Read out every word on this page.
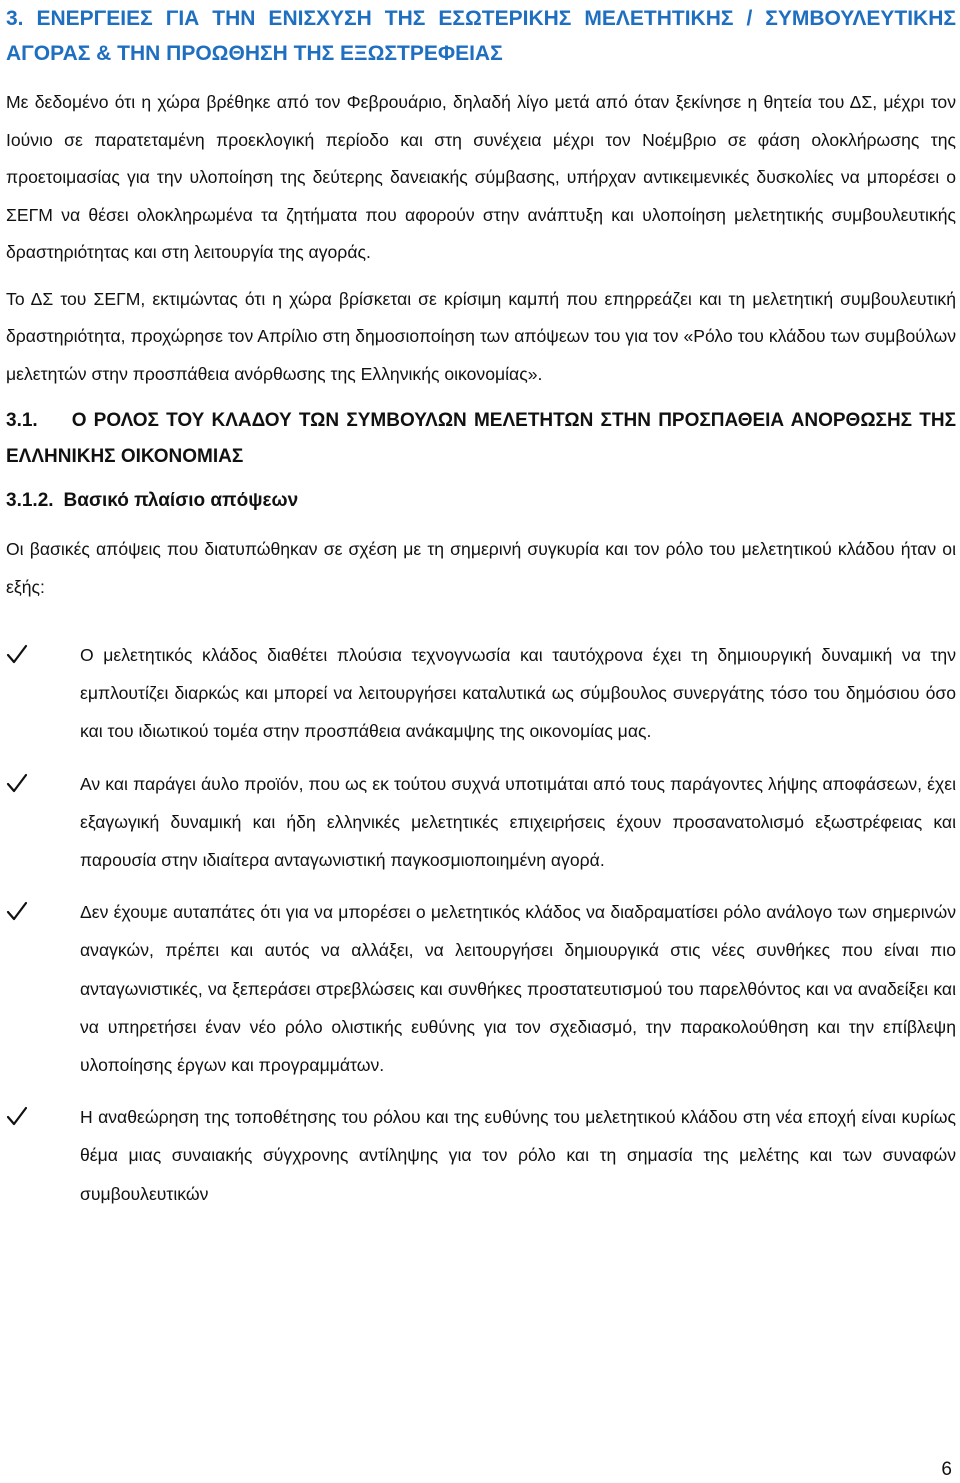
3. ΕΝΕΡΓΕΙΕΣ ΓΙΑ ΤΗΝ ΕΝΙΣΧΥΣΗ ΤΗΣ ΕΣΩΤΕΡΙΚΗΣ ΜΕΛΕΤΗΤΙΚΗΣ / ΣΥΜΒΟΥΛΕΥΤΙΚΗΣ ΑΓΟΡΑΣ & ΤΗΝ ΠΡΟΩΘΗΣΗ ΤΗΣ ΕΞΩΣΤΡΕΦΕΙΑΣ

Με δεδομένο ότι η χώρα βρέθηκε από τον Φεβρουάριο, δηλαδή λίγο μετά από όταν ξεκίνησε η θητεία του ΔΣ, μέχρι τον Ιούνιο σε παρατεταμένη προεκλογική περίοδο και στη συνέχεια μέχρι τον Νοέμβριο σε φάση ολοκλήρωσης της προετοιμασίας για την υλοποίηση της δεύτερης δανειακής σύμβασης, υπήρχαν αντικειμενικές δυσκολίες να μπορέσει ο ΣΕΓΜ να θέσει ολοκληρωμένα τα ζητήματα που αφορούν στην ανάπτυξη και υλοποίηση μελετητικής συμβουλευτικής δραστηριότητας και στη λειτουργία της αγοράς.

Το ΔΣ του ΣΕΓΜ, εκτιμώντας ότι η χώρα βρίσκεται σε κρίσιμη καμπή που επηρρεάζει και τη μελετητική συμβουλευτική δραστηριότητα, προχώρησε τον Απρίλιο στη δημοσιοποίηση των απόψεων του για τον «Ρόλο του κλάδου των συμβούλων μελετητών στην προσπάθεια ανόρθωσης της Ελληνικής οικονομίας».

3.1. Ο ΡΟΛΟΣ ΤΟΥ ΚΛΑΔΟΥ ΤΩΝ ΣΥΜΒΟΥΛΩΝ ΜΕΛΕΤΗΤΩΝ ΣΤΗΝ ΠΡΟΣΠΑΘΕΙΑ ΑΝΟΡΘΩΣΗΣ ΤΗΣ ΕΛΛΗΝΙΚΗΣ ΟΙΚΟΝΟΜΙΑΣ
3.1.2. Βασικό πλαίσιο απόψεων

Οι βασικές απόψεις που διατυπώθηκαν σε σχέση με τη σημερινή συγκυρία και τον ρόλο του μελετητικού κλάδου ήταν οι εξής:

Ο μελετητικός κλάδος διαθέτει πλούσια τεχνογνωσία και ταυτόχρονα έχει τη δημιουργική δυναμική να την εμπλουτίζει διαρκώς και μπορεί να λειτουργήσει καταλυτικά ως σύμβουλος συνεργάτης τόσο του δημόσιου όσο και του ιδιωτικού τομέα στην προσπάθεια ανάκαμψης της οικονομίας μας.
Αν και παράγει άυλο προϊόν, που ως εκ τούτου συχνά υποτιμάται από τους παράγοντες λήψης αποφάσεων, έχει εξαγωγική δυναμική και ήδη ελληνικές μελετητικές επιχειρήσεις έχουν προσανατολισμό εξωστρέφειας και παρουσία στην ιδιαίτερα ανταγωνιστική παγκοσμιοποιημένη αγορά.
Δεν έχουμε αυταπάτες ότι για να μπορέσει ο μελετητικός κλάδος να διαδραματίσει ρόλο ανάλογο των σημερινών αναγκών, πρέπει και αυτός να αλλάξει, να λειτουργήσει δημιουργικά στις νέες συνθήκες που είναι πιο ανταγωνιστικές, να ξεπεράσει στρεβλώσεις και συνθήκες προστατευτισμού του παρελθόντος και να αναδείξει και να υπηρετήσει έναν νέο ρόλο ολιστικής ευθύνης για τον σχεδιασμό, την παρακολούθηση και την επίβλεψη υλοποίησης έργων και προγραμμάτων.
Η αναθεώρηση της τοποθέτησης του ρόλου και της ευθύνης του μελετητικού κλάδου στη νέα εποχή είναι κυρίως θέμα μιας συναιακής σύγχρονης αντίληψης για τον ρόλο και τη σημασία της μελέτης και των συναφών συμβουλευτικών
6
